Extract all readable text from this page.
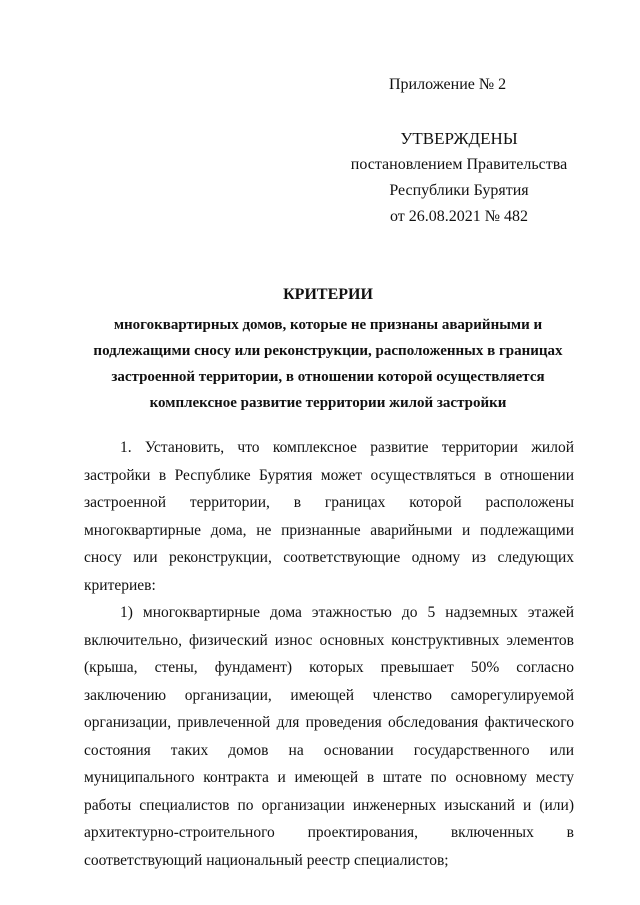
Приложение № 2
УТВЕРЖДЕНЫ
постановлением Правительства
Республики Бурятия
от 26.08.2021 № 482
КРИТЕРИИ
многоквартирных домов, которые не признаны аварийными и подлежащими сносу или реконструкции, расположенных в границах застроенной территории, в отношении которой осуществляется комплексное развитие территории жилой застройки

1. Установить, что комплексное развитие территории жилой застройки в Республике Бурятия может осуществляться в отношении застроенной территории, в границах которой расположены многоквартирные дома, не признанные аварийными и подлежащими сносу или реконструкции, соответствующие одному из следующих критериев:

1) многоквартирные дома этажностью до 5 надземных этажей включительно, физический износ основных конструктивных элементов (крыша, стены, фундамент) которых превышает 50% согласно заключению организации, имеющей членство саморегулируемой организации, привлеченной для проведения обследования фактического состояния таких домов на основании государственного или муниципального контракта и имеющей в штате по основному месту работы специалистов по организации инженерных изысканий и (или) архитектурно-строительного проектирования, включенных в соответствующий национальный реестр специалистов;
